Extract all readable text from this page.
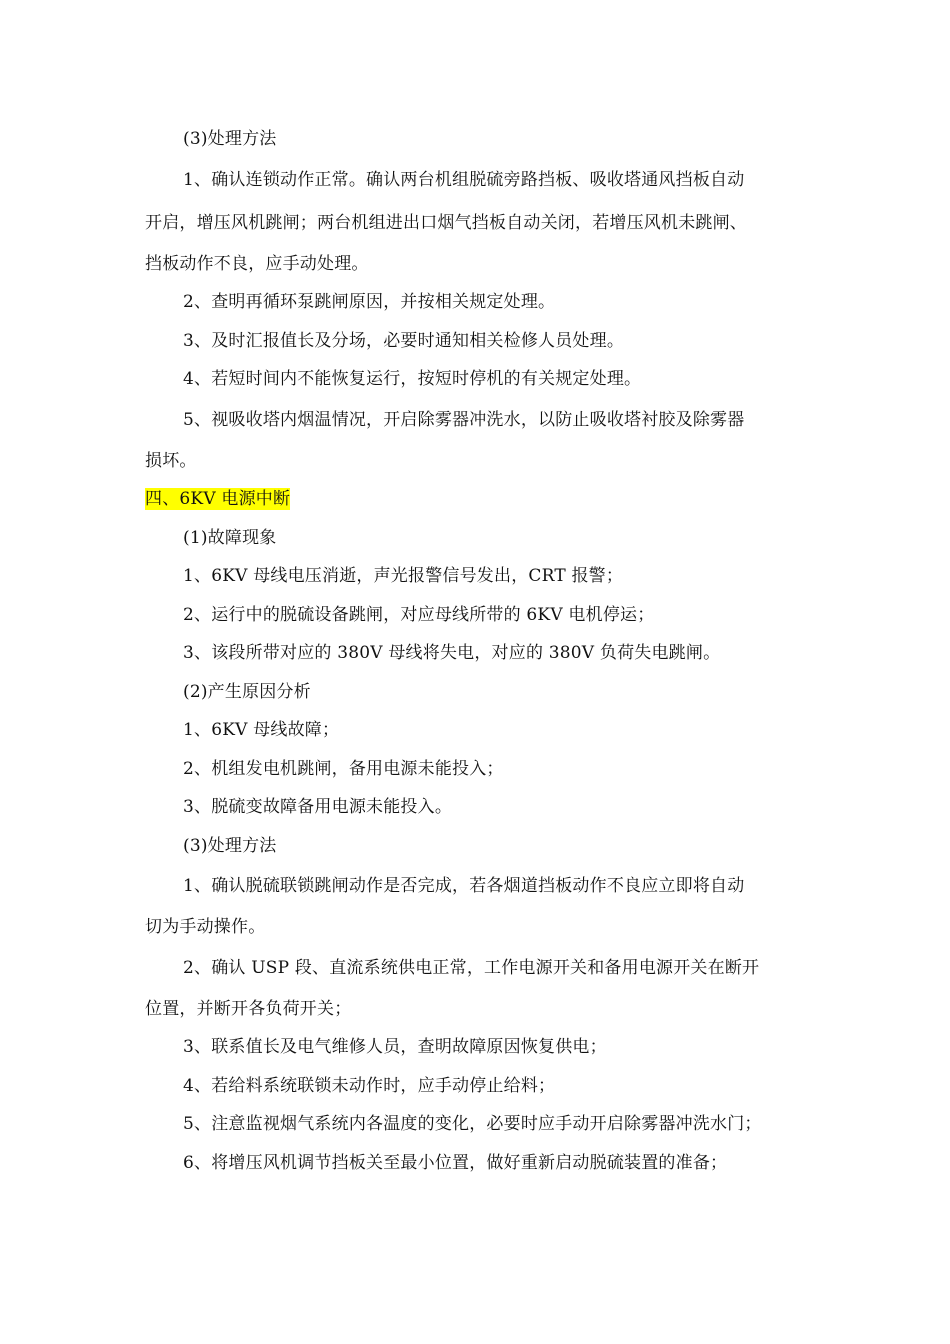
(3)处理方法
1、确认连锁动作正常。确认两台机组脱硫旁路挡板、吸收塔通风挡板自动
开启，增压风机跳闸；两台机组进出口烟气挡板自动关闭，若增压风机未跳闸、
挡板动作不良，应手动处理。
2、查明再循环泵跳闸原因，并按相关规定处理。
3、及时汇报值长及分场，必要时通知相关检修人员处理。
4、若短时间内不能恢复运行，按短时停机的有关规定处理。
5、视吸收塔内烟温情况，开启除雾器冲洗水，以防止吸收塔衬胶及除雾器
损坏。
四、6KV 电源中断
(1)故障现象
1、6KV 母线电压消逝，声光报警信号发出，CRT 报警；
2、运行中的脱硫设备跳闸，对应母线所带的 6KV 电机停运；
3、该段所带对应的 380V 母线将失电，对应的 380V 负荷失电跳闸。
(2)产生原因分析
1、6KV 母线故障；
2、机组发电机跳闸，备用电源未能投入；
3、脱硫变故障备用电源未能投入。
(3)处理方法
1、确认脱硫联锁跳闸动作是否完成，若各烟道挡板动作不良应立即将自动
切为手动操作。
2、确认 USP 段、直流系统供电正常，工作电源开关和备用电源开关在断开
位置，并断开各负荷开关；
3、联系值长及电气维修人员，查明故障原因恢复供电；
4、若给料系统联锁未动作时，应手动停止给料；
5、注意监视烟气系统内各温度的变化，必要时应手动开启除雾器冲洗水门；
6、将增压风机调节挡板关至最小位置，做好重新启动脱硫装置的准备；
